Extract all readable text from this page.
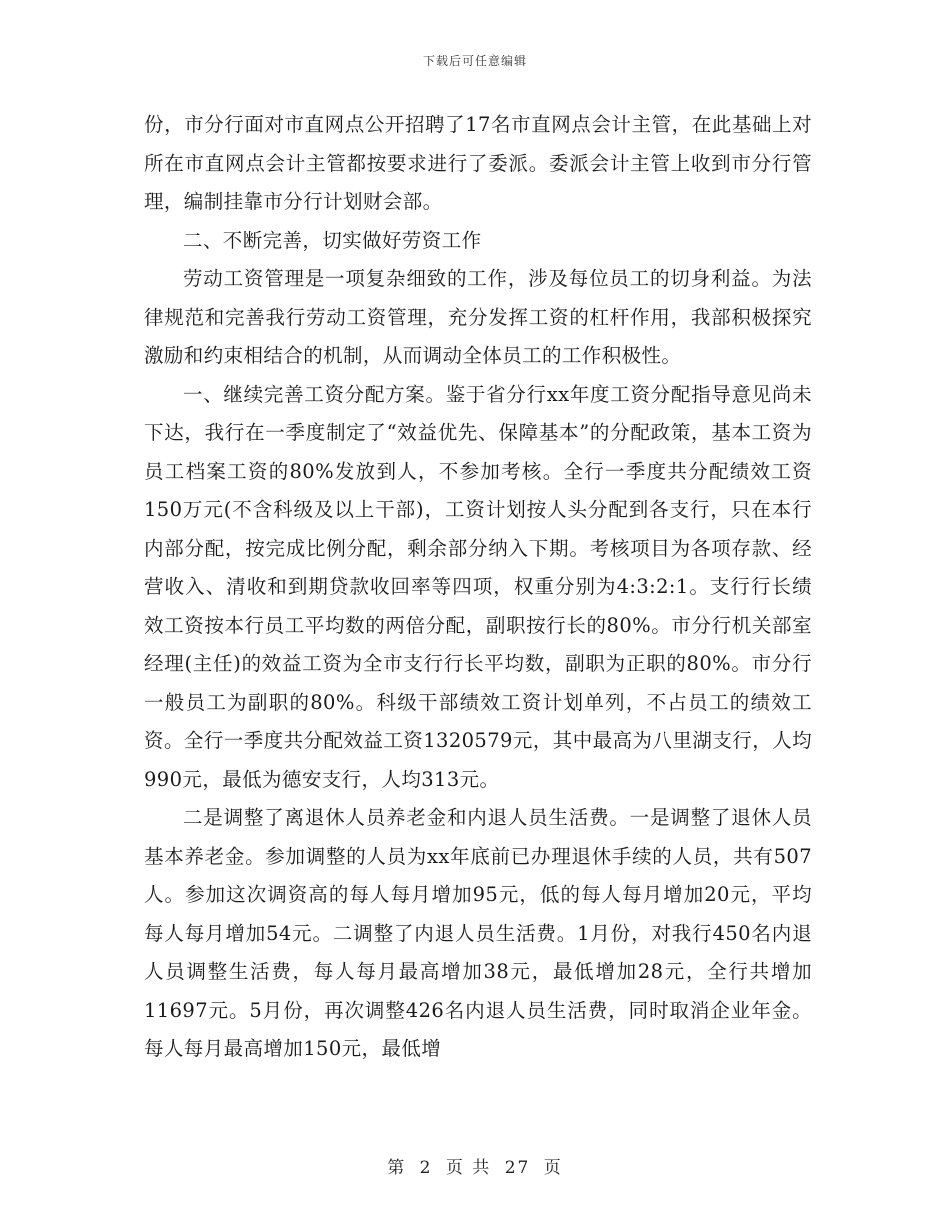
下载后可任意编辑

份，市分行面对市直网点公开招聘了17名市直网点会计主管，在此基础上对所在市直网点会计主管都按要求进行了委派。委派会计主管上收到市分行管理，编制挂靠市分行计划财会部。

二、不断完善，切实做好劳资工作

劳动工资管理是一项复杂细致的工作，涉及每位员工的切身利益。为法律规范和完善我行劳动工资管理，充分发挥工资的杠杆作用，我部积极探究激励和约束相结合的机制，从而调动全体员工的工作积极性。

一、继续完善工资分配方案。鉴于省分行xx年度工资分配指导意见尚未下达，我行在一季度制定了“效益优先、保障基本”的分配政策，基本工资为员工档案工资的80%发放到人，不参加考核。全行一季度共分配绩效工资150万元(不含科级及以上干部)，工资计划按人头分配到各支行，只在本行内部分配，按完成比例分配，剩余部分纳入下期。考核项目为各项存款、经营收入、清收和到期贷款收回率等四项，权重分别为4:3:2:1。支行行长绩效工资按本行员工平均数的两倍分配，副职按行长的80%。市分行机关部室经理(主任)的效益工资为全市支行行长平均数，副职为正职的80%。市分行一般员工为副职的80%。科级干部绩效工资计划单列，不占员工的绩效工资。全行一季度共分配效益工资1320579元，其中最高为八里湖支行，人均990元，最低为德安支行，人均313元。

二是调整了离退休人员养老金和内退人员生活费。一是调整了退休人员基本养老金。参加调整的人员为xx年底前已办理退休手续的人员，共有507人。参加这次调资高的每人每月增加95元，低的每人每月增加20元，平均每人每月增加54元。二调整了内退人员生活费。1月份，对我行450名内退人员调整生活费，每人每月最高增加38元，最低增加28元，全行共增加11697元。5月份，再次调整426名内退人员生活费，同时取消企业年金。每人每月最高增加150元，最低增

第 2 页 共 27 页
